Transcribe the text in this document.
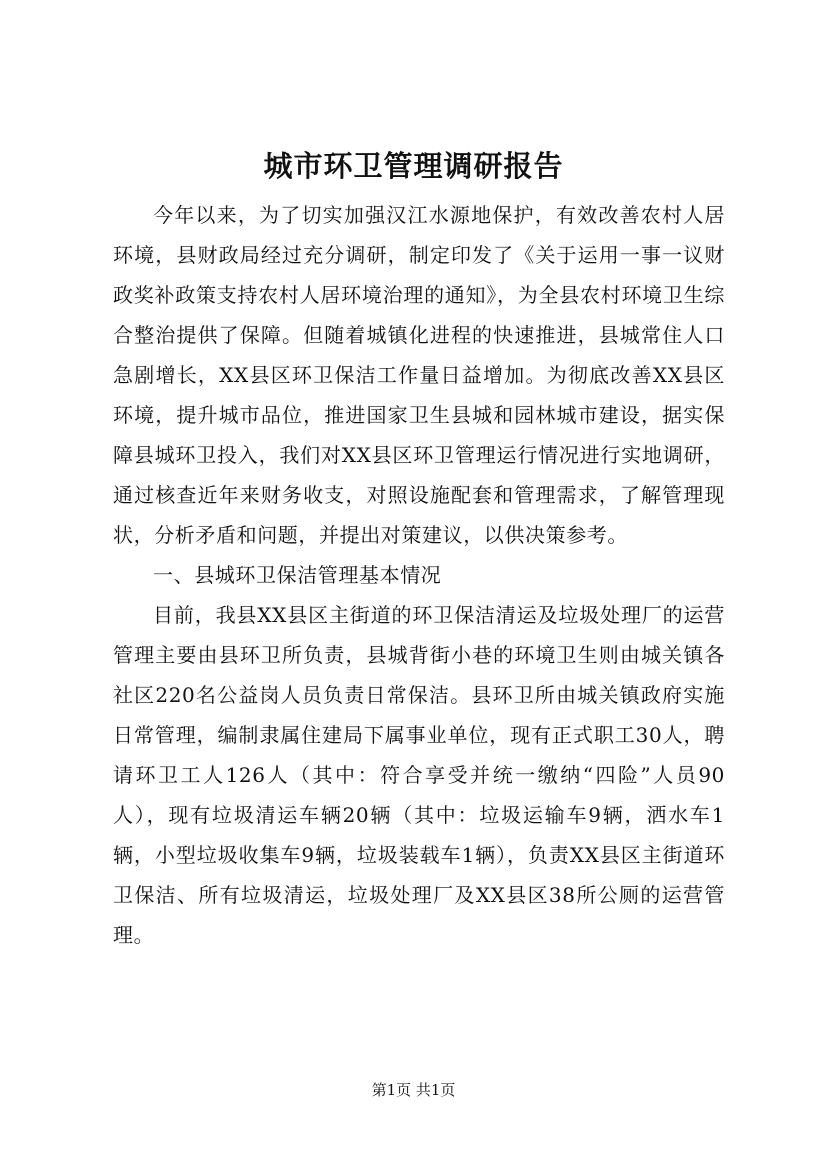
城市环卫管理调研报告

今年以来，为了切实加强汉江水源地保护，有效改善农村人居环境，县财政局经过充分调研，制定印发了《关于运用一事一议财政奖补政策支持农村人居环境治理的通知》，为全县农村环境卫生综合整治提供了保障。但随着城镇化进程的快速推进，县城常住人口急剧增长，XX县区环卫保洁工作量日益增加。为彻底改善XX县区环境，提升城市品位，推进国家卫生县城和园林城市建设，据实保障县城环卫投入，我们对XX县区环卫管理运行情况进行实地调研，通过核查近年来财务收支，对照设施配套和管理需求，了解管理现状，分析矛盾和问题，并提出对策建议，以供决策参考。

一、县城环卫保洁管理基本情况

目前，我县XX县区主街道的环卫保洁清运及垃圾处理厂的运营管理主要由县环卫所负责，县城背街小巷的环境卫生则由城关镇各社区220名公益岗人员负责日常保洁。县环卫所由城关镇政府实施日常管理，编制隶属住建局下属事业单位，现有正式职工30人，聘请环卫工人126人（其中：符合享受并统一缴纳“四险”人员90人），现有垃圾清运车辆20辆（其中：垃圾运输车9辆，洒水车1辆，小型垃圾收集车9辆，垃圾装载车1辆），负责XX县区主街道环卫保洁、所有垃圾清运，垃圾处理厂及XX县区38所公厕的运营管理。

第1页 共1页
